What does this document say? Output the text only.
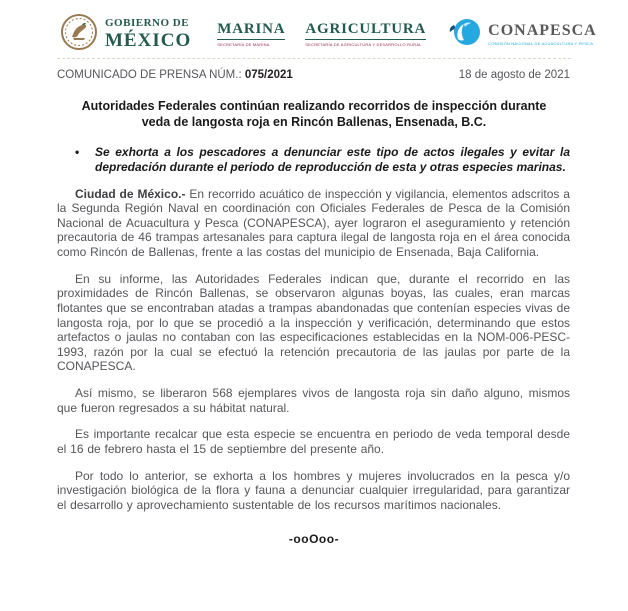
GOBIERNO DE
MÉXICO
MARINA
SECRETARÍA DE MARINA
AGRICULTURA
SECRETARÍA DE AGRICULTURA Y DESARROLLO RURAL
CONAPESCA
COMISIÓN NACIONAL DE ACUACULTURA Y PESCA
COMUNICADO DE PRENSA NÚM.: 075/2021	18 de agosto de 2021
Autoridades Federales continúan realizando recorridos de inspección durante veda de langosta roja en Rincón Ballenas, Ensenada, B.C.
•	Se exhorta a los pescadores a denunciar este tipo de actos ilegales y evitar la depredación durante el periodo de reproducción de esta y otras especies marinas.

Ciudad de México.- En recorrido acuático de inspección y vigilancia, elementos adscritos a la Segunda Región Naval en coordinación con Oficiales Federales de Pesca de la Comisión Nacional de Acuacultura y Pesca (CONAPESCA), ayer lograron el aseguramiento y retención precautoria de 46 trampas artesanales para captura ilegal de langosta roja en el área conocida como Rincón de Ballenas, frente a las costas del municipio de Ensenada, Baja California.

En su informe, las Autoridades Federales indican que, durante el recorrido en las proximidades de Rincón Ballenas, se observaron algunas boyas, las cuales, eran marcas flotantes que se encontraban atadas a trampas abandonadas que contenían especies vivas de langosta roja, por lo que se procedió a la inspección y verificación, determinando que estos artefactos o jaulas no contaban con las especificaciones establecidas en la NOM-006-PESC-1993, razón por la cual se efectuó la retención precautoria de las jaulas por parte de la CONAPESCA.

Así mismo, se liberaron 568 ejemplares vivos de langosta roja sin daño alguno, mismos que fueron regresados a su hábitat natural.

Es importante recalcar que esta especie se encuentra en periodo de veda temporal desde el 16 de febrero hasta el 15 de septiembre del presente año.

Por todo lo anterior, se exhorta a los hombres y mujeres involucrados en la pesca y/o investigación biológica de la flora y fauna a denunciar cualquier irregularidad, para garantizar el desarrollo y aprovechamiento sustentable de los recursos marítimos nacionales.

-ooOoo-
